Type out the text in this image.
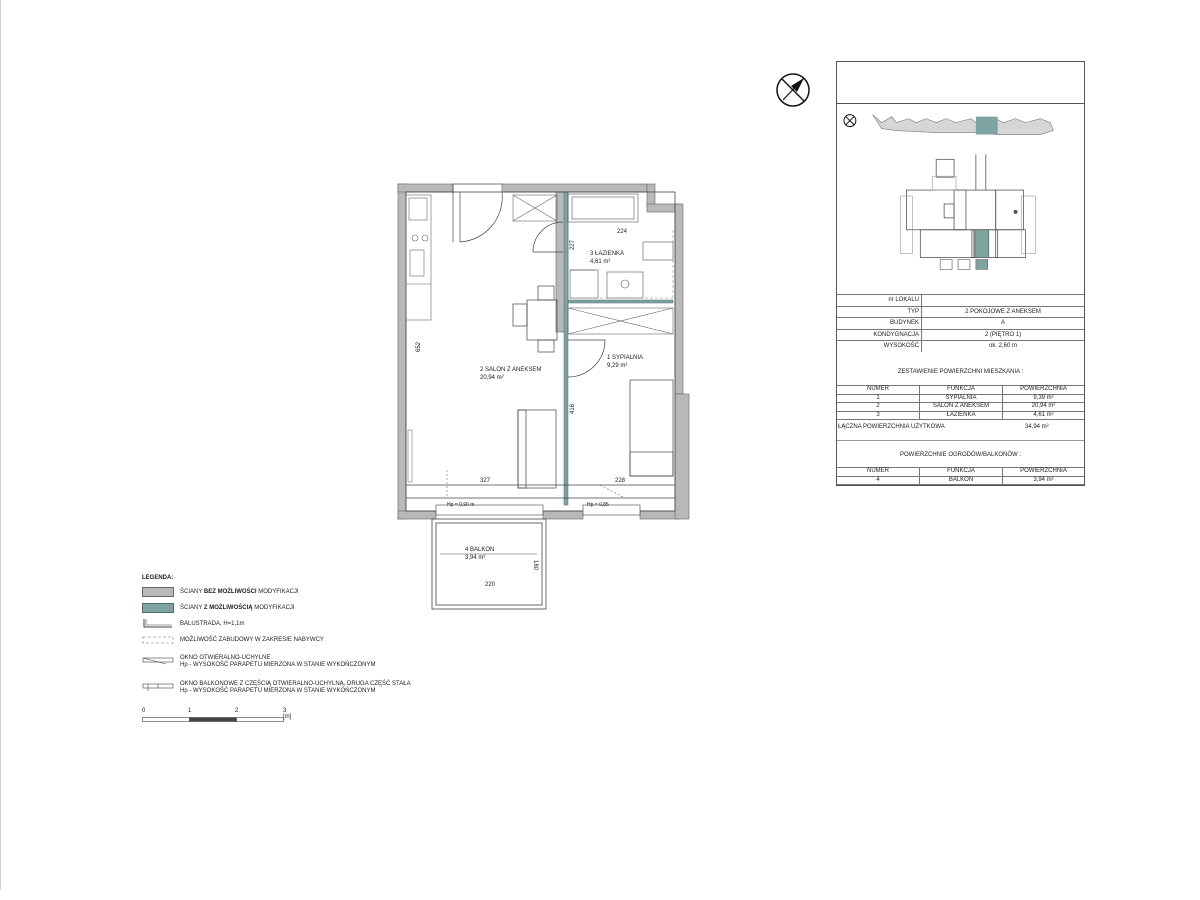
nr LOKALU	
TYP	2 POKOJOWE Z ANEKSEM
BUDYNEK	A
KONDYGNACJA	2 (PIĘTRO 1)
WYSOKOŚĆ	ok. 2,60 m
ZESTAWIENIE POWIERZCHNI MIESZKANIA :
NUMER	FUNKCJA	POWIERZCHNIA
1	SYPIALNIA	9,39 m²
2	SALON Z ANEKSEM	20,94 m²
3	ŁAZIENKA	4,61 m²
ŁĄCZNA POWIERZCHNIA UŻYTKOWA	34,94 m²
POWIERZCHNIE OGRODÓW/BALKONÓW :
NUMER	FUNKCJA	POWIERZCHNIA
4	BALKON	3,94 m²
3 ŁAZIENKA
4,61 m²
2 SALON Z ANEKSEM
20,94 m²
1 SYPIALNIA
9,29 m²
4 BALKON
3,94 m²
224
227
652
416
327	228
220
180
Hp = 0,90 m	Hp = 0,85
LEGENDA:
ŚCIANY BEZ MOŻLIWOŚCI MODYFIKACJI
ŚCIANY Z MOŻLIWOŚCIĄ MODYFIKACJI
BALUSTRADA, H=1,1m
MOŻLIWOŚĆ ZABUDOWY W ZAKRESIE NABYWCY
OKNO OTWIERALNO-UCHYLNE
Hp - WYSOKOŚĆ PARAPETU MIERZONA W STANIE WYKOŃCZONYM
OKNO BALKONOWE Z CZĘŚCIĄ OTWIERALNO-UCHYLNĄ, DRUGA CZĘŚĆ STAŁA
Hp - WYSOKOŚĆ PARAPETU MIERZONA W STANIE WYKOŃCZONYM
0	1	2	3 [m]
